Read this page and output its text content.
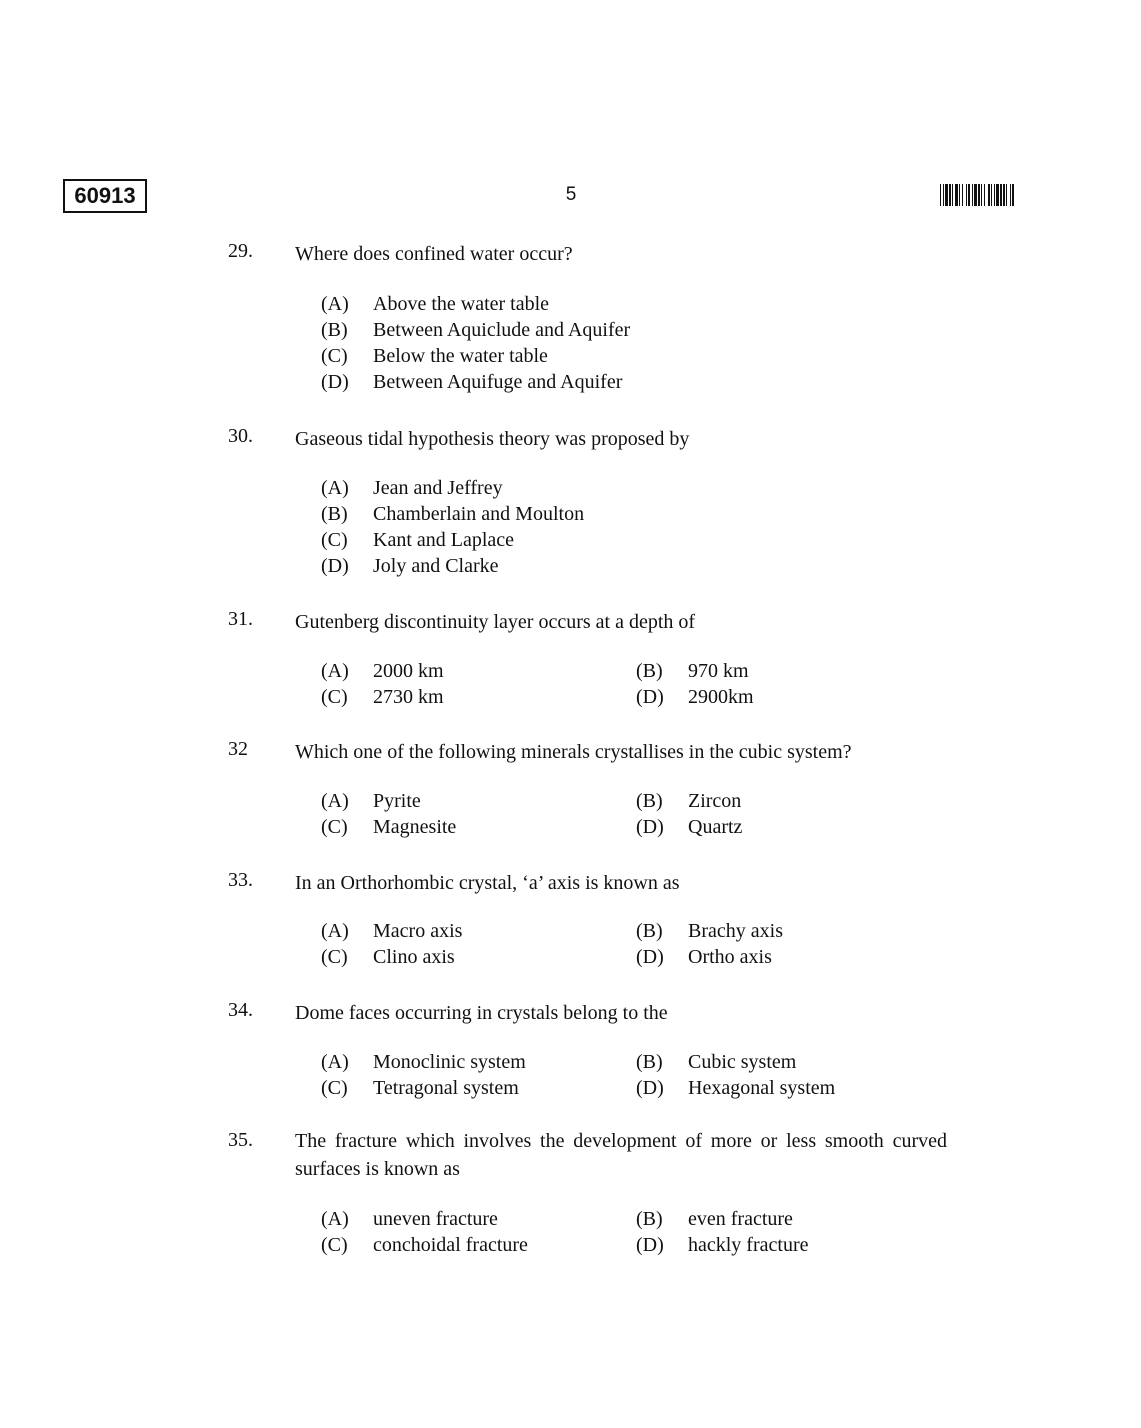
60913	5
29. Where does confined water occur?
(A) Above the water table
(B) Between Aquiclude and Aquifer
(C) Below the water table
(D) Between Aquifuge and Aquifer
30. Gaseous tidal hypothesis theory was proposed by
(A) Jean and Jeffrey
(B) Chamberlain and Moulton
(C) Kant and Laplace
(D) Joly and Clarke
31. Gutenberg discontinuity layer occurs at a depth of
(A) 2000 km	(B) 970 km
(C) 2730 km	(D) 2900km
32 Which one of the following minerals crystallises in the cubic system?
(A) Pyrite	(B) Zircon
(C) Magnesite	(D) Quartz
33. In an Orthorhombic crystal, ‘a’ axis is known as
(A) Macro axis	(B) Brachy axis
(C) Clino axis	(D) Ortho axis
34. Dome faces occurring in crystals belong to the
(A) Monoclinic system	(B) Cubic system
(C) Tetragonal system	(D) Hexagonal system
35. The fracture which involves the development of more or less smooth curved surfaces is known as
(A) uneven fracture	(B) even fracture
(C) conchoidal fracture	(D) hackly fracture
